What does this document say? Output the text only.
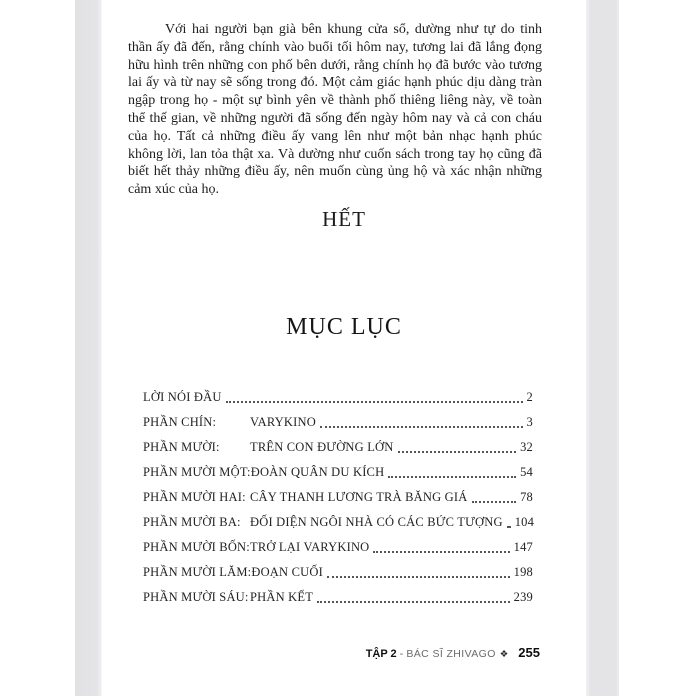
Với hai người bạn già bên khung cửa sổ, dường như tự do tinh thần ấy đã đến, rằng chính vào buổi tối hôm nay, tương lai đã lắng đọng hữu hình trên những con phố bên dưới, rằng chính họ đã bước vào tương lai ấy và từ nay sẽ sống trong đó. Một cảm giác hạnh phúc dịu dàng tràn ngập trong họ - một sự bình yên về thành phố thiêng liêng này, về toàn thể thế gian, về những người đã sống đến ngày hôm nay và cả con cháu của họ. Tất cả những điều ấy vang lên như một bản nhạc hạnh phúc không lời, lan tỏa thật xa. Và dường như cuốn sách trong tay họ cũng đã biết hết thảy những điều ấy, nên muốn cùng ủng hộ và xác nhận những cảm xúc của họ.

HẾT
MỤC LỤC
LỜI NÓI ĐẦU	2
PHẦN CHÍN:	VARYKINO	3
PHẦN MƯỜI:	TRÊN CON ĐƯỜNG LỚN	32
PHẦN MƯỜI MỘT: ĐOÀN QUÂN DU KÍCH	54
PHẦN MƯỜI HAI: CÂY THANH LƯƠNG TRÀ BĂNG GIÁ	78
PHẦN MƯỜI BA: ĐỐI DIỆN NGÔI NHÀ CÓ CÁC BỨC TƯỢNG 104
PHẦN MƯỜI BỐN: TRỞ LẠI VARYKINO	147
PHẦN MƯỜI LĂM: ĐOẠN CUỐI	198
PHẦN MƯỜI SÁU: PHẦN KẾT	239
TẬP 2 - BÁC SĨ ZHIVAGO ❖ 255
